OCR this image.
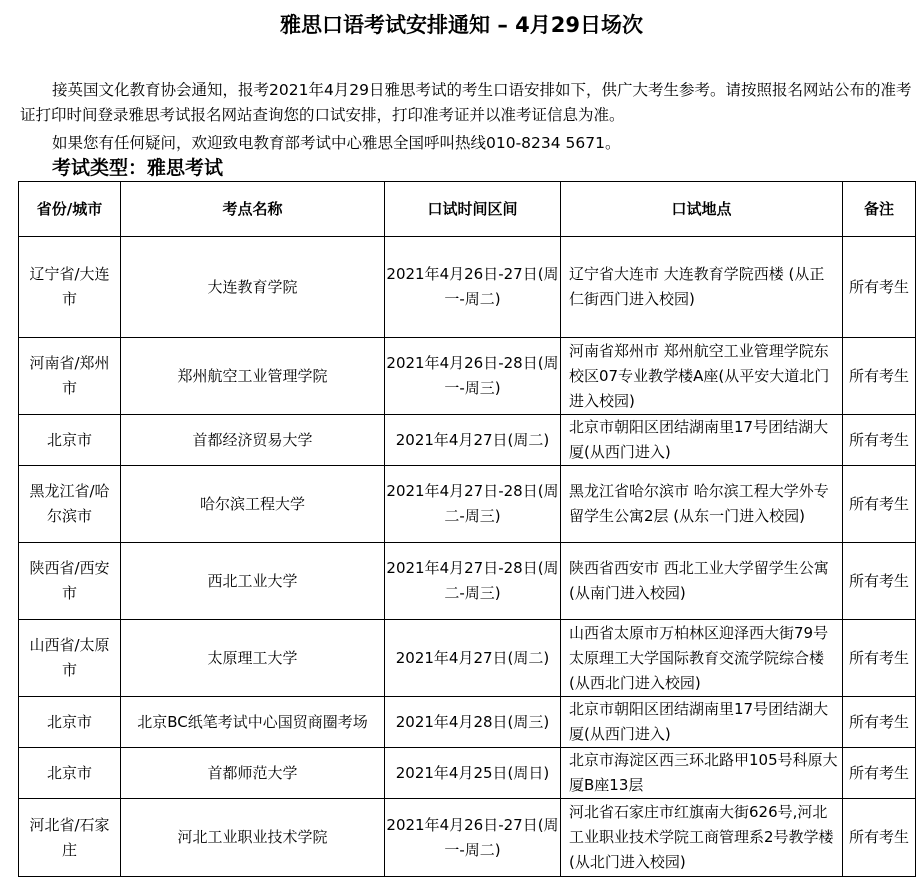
雅思口语考试安排通知 – 4月29日场次

接英国文化教育协会通知，报考2021年4月29日雅思考试的考生口语安排如下，供广大考生参考。请按照报名网站公布的准考证打印时间登录雅思考试报名网站查询您的口试安排，打印准考证并以准考证信息为准。

如果您有任何疑问，欢迎致电教育部考试中心雅思全国呼叫热线010-8234 5671。

考试类型：雅思考试
省份/城市	考点名称	口试时间区间	口试地点	备注
辽宁省/大连市	大连教育学院	2021年4月26日-27日(周一-周二)	辽宁省大连市 大连教育学院西楼 (从正仁街西门进入校园)	所有考生
河南省/郑州市	郑州航空工业管理学院	2021年4月26日-28日(周一-周三)	河南省郑州市 郑州航空工业管理学院东校区07专业教学楼A座(从平安大道北门进入校园)	所有考生
北京市	首都经济贸易大学	2021年4月27日(周二)	北京市朝阳区团结湖南里17号团结湖大厦(从西门进入)	所有考生
黑龙江省/哈尔滨市	哈尔滨工程大学	2021年4月27日-28日(周二-周三)	黑龙江省哈尔滨市 哈尔滨工程大学外专留学生公寓2层 (从东一门进入校园)	所有考生
陕西省/西安市	西北工业大学	2021年4月27日-28日(周二-周三)	陕西省西安市 西北工业大学留学生公寓(从南门进入校园)	所有考生
山西省/太原市	太原理工大学	2021年4月27日(周二)	山西省太原市万柏林区迎泽西大街79号太原理工大学国际教育交流学院综合楼(从西北门进入校园)	所有考生
北京市	北京BC纸笔考试中心国贸商圈考场	2021年4月28日(周三)	北京市朝阳区团结湖南里17号团结湖大厦(从西门进入)	所有考生
北京市	首都师范大学	2021年4月25日(周日)	北京市海淀区西三环北路甲105号科原大厦B座13层	所有考生
河北省/石家庄	河北工业职业技术学院	2021年4月26日-27日(周一-周二)	河北省石家庄市红旗南大街626号,河北工业职业技术学院工商管理系2号教学楼(从北门进入校园)	所有考生
